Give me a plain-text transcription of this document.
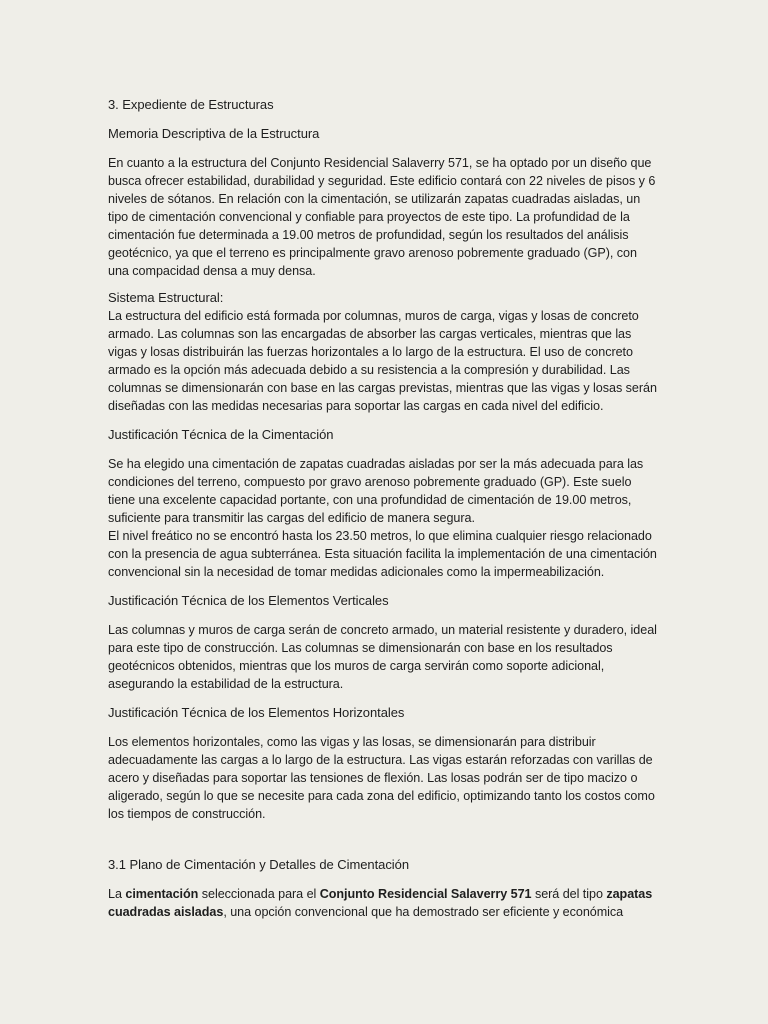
3. Expediente de Estructuras

Memoria Descriptiva de la Estructura

En cuanto a la estructura del Conjunto Residencial Salaverry 571, se ha optado por un diseño que busca ofrecer estabilidad, durabilidad y seguridad. Este edificio contará con 22 niveles de pisos y 6 niveles de sótanos. En relación con la cimentación, se utilizarán zapatas cuadradas aisladas, un tipo de cimentación convencional y confiable para proyectos de este tipo. La profundidad de la cimentación fue determinada a 19.00 metros de profundidad, según los resultados del análisis geotécnico, ya que el terreno es principalmente gravo arenoso pobremente graduado (GP), con una compacidad densa a muy densa.

Sistema Estructural:

La estructura del edificio está formada por columnas, muros de carga, vigas y losas de concreto armado. Las columnas son las encargadas de absorber las cargas verticales, mientras que las vigas y losas distribuirán las fuerzas horizontales a lo largo de la estructura. El uso de concreto armado es la opción más adecuada debido a su resistencia a la compresión y durabilidad. Las columnas se dimensionarán con base en las cargas previstas, mientras que las vigas y losas serán diseñadas con las medidas necesarias para soportar las cargas en cada nivel del edificio.

Justificación Técnica de la Cimentación

Se ha elegido una cimentación de zapatas cuadradas aisladas por ser la más adecuada para las condiciones del terreno, compuesto por gravo arenoso pobremente graduado (GP). Este suelo tiene una excelente capacidad portante, con una profundidad de cimentación de 19.00 metros, suficiente para transmitir las cargas del edificio de manera segura.

El nivel freático no se encontró hasta los 23.50 metros, lo que elimina cualquier riesgo relacionado con la presencia de agua subterránea. Esta situación facilita la implementación de una cimentación convencional sin la necesidad de tomar medidas adicionales como la impermeabilización.

Justificación Técnica de los Elementos Verticales

Las columnas y muros de carga serán de concreto armado, un material resistente y duradero, ideal para este tipo de construcción. Las columnas se dimensionarán con base en los resultados geotécnicos obtenidos, mientras que los muros de carga servirán como soporte adicional, asegurando la estabilidad de la estructura.

Justificación Técnica de los Elementos Horizontales

Los elementos horizontales, como las vigas y las losas, se dimensionarán para distribuir adecuadamente las cargas a lo largo de la estructura. Las vigas estarán reforzadas con varillas de acero y diseñadas para soportar las tensiones de flexión. Las losas podrán ser de tipo macizo o aligerado, según lo que se necesite para cada zona del edificio, optimizando tanto los costos como los tiempos de construcción.

3.1 Plano de Cimentación y Detalles de Cimentación

La cimentación seleccionada para el Conjunto Residencial Salaverry 571 será del tipo zapatas cuadradas aisladas, una opción convencional que ha demostrado ser eficiente y económica
